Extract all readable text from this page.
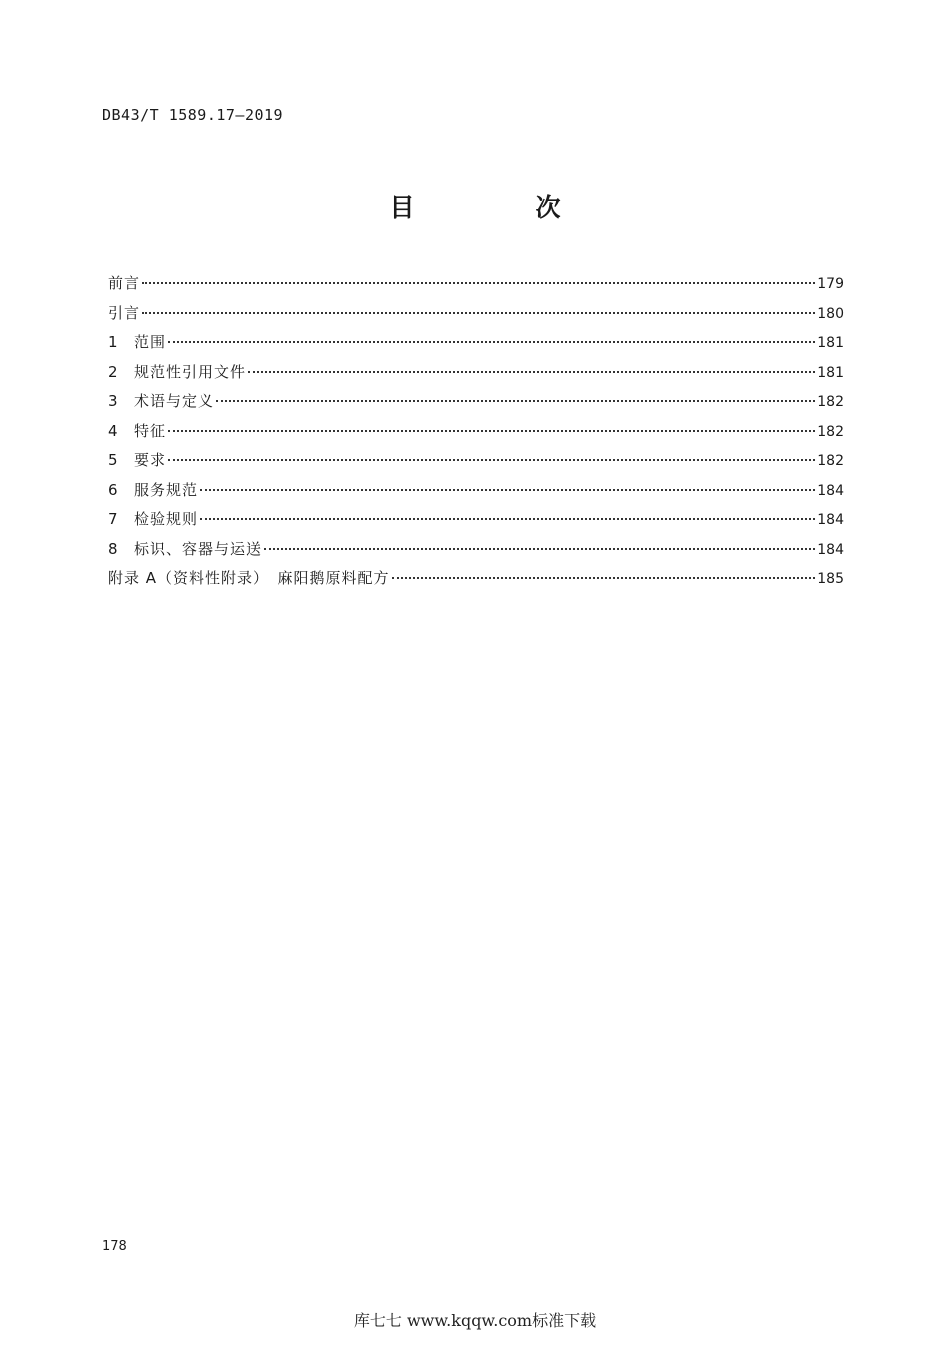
DB43/T 1589.17—2019
目　次
前言	179
引言	180
1	范围	181
2	规范性引用文件	181
3	术语与定义	182
4	特征	182
5	要求	182
6	服务规范	184
7	检验规则	184
8	标识、容器与运送	184
附录 A（资料性附录）　麻阳鹅原料配方	185
178
库七七 www.kqqw.com标准下载
